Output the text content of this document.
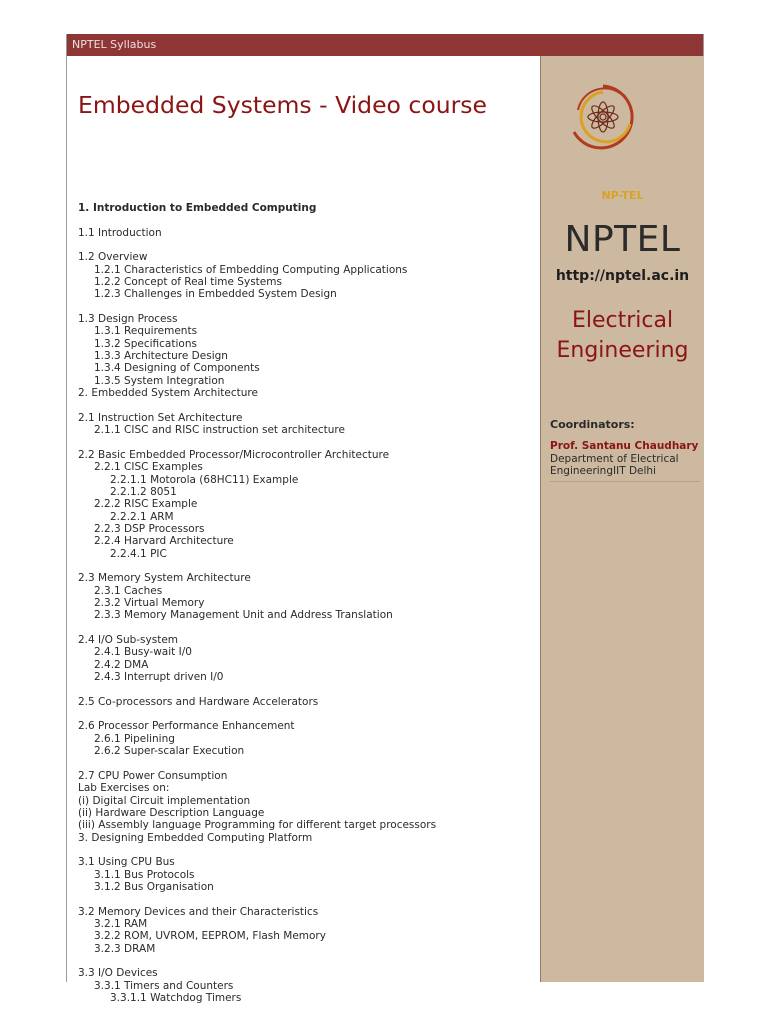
NPTEL Syllabus
Embedded Systems - Video course
1. Introduction to Embedded Computing
1.1 Introduction
1.2 Overview
1.2.1 Characteristics of Embedding Computing Applications
1.2.2 Concept of Real time Systems
1.2.3 Challenges in Embedded System Design
1.3 Design Process
1.3.1 Requirements
1.3.2 Specifications
1.3.3 Architecture Design
1.3.4 Designing of Components
1.3.5 System Integration
2. Embedded System Architecture
2.1 Instruction Set Architecture
2.1.1 CISC and RISC instruction set architecture
2.2 Basic Embedded Processor/Microcontroller Architecture
2.2.1 CISC Examples
2.2.1.1 Motorola (68HC11) Example
2.2.1.2 8051
2.2.2 RISC Example
2.2.2.1 ARM
2.2.3 DSP Processors
2.2.4 Harvard Architecture
2.2.4.1 PIC
2.3 Memory System Architecture
2.3.1 Caches
2.3.2 Virtual Memory
2.3.3 Memory Management Unit and Address Translation
2.4 I/O Sub-system
2.4.1 Busy-wait I/0
2.4.2 DMA
2.4.3 Interrupt driven I/0
2.5 Co-processors and Hardware Accelerators
2.6 Processor Performance Enhancement
2.6.1 Pipelining
2.6.2 Super-scalar Execution
2.7 CPU Power Consumption
Lab Exercises on:
(i) Digital Circuit implementation
(ii) Hardware Description Language
(iii) Assembly language Programming for different target processors
3. Designing Embedded Computing Platform
3.1 Using CPU Bus
3.1.1 Bus Protocols
3.1.2 Bus Organisation
3.2 Memory Devices and their Characteristics
3.2.1 RAM
3.2.2 ROM, UVROM, EEPROM, Flash Memory
3.2.3 DRAM
3.3 I/O Devices
3.3.1 Timers and Counters
3.3.1.1 Watchdog Timers
NP-TEL
NPTEL
http://nptel.ac.in
Electrical
Engineering
Coordinators:
Prof. Santanu Chaudhary
Department of Electrical EngineeringIIT Delhi
